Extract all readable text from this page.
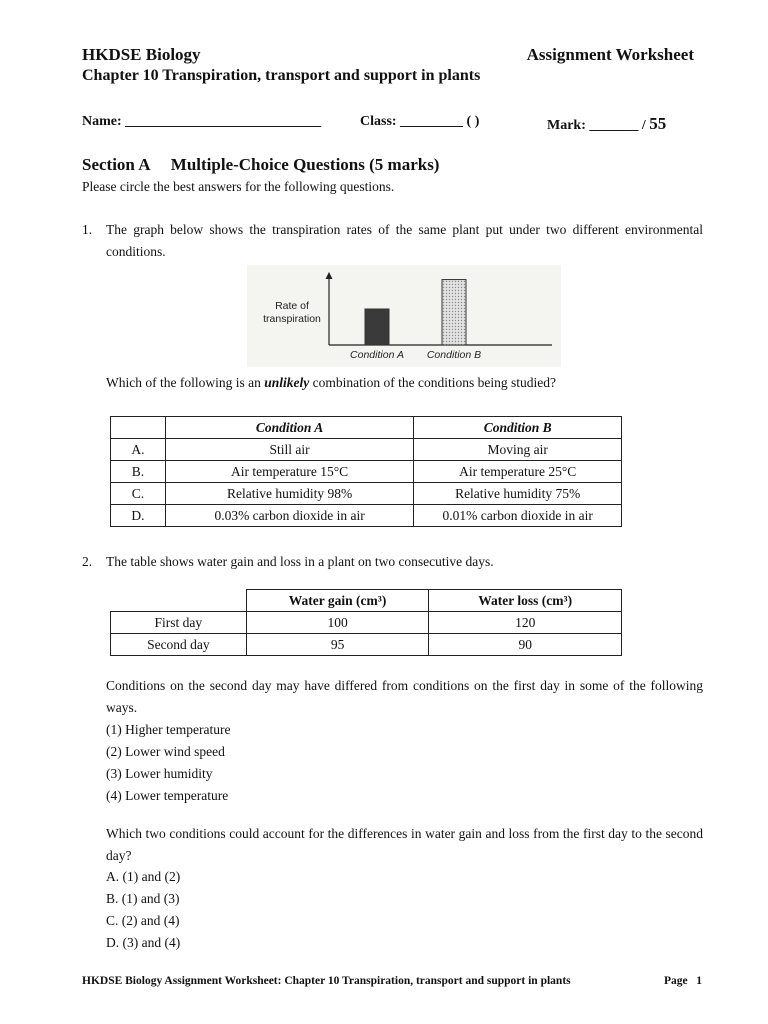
HKDSE Biology	Assignment Worksheet
Chapter 10 Transpiration, transport and support in plants
Name: ____________________________	Class: _________ ( )	Mark: _______ / 55
Section A     Multiple-Choice Questions (5 marks)
Please circle the best answers for the following questions.
1. The graph below shows the transpiration rates of the same plant put under two different environmental conditions.
Rate of
transpiration
Condition A Condition B
Which of the following is an unlikely combination of the conditions being studied?
	Condition A	Condition B
A.	Still air	Moving air
B.	Air temperature 15°C	Air temperature 25°C
C.	Relative humidity 98%	Relative humidity 75%
D.	0.03% carbon dioxide in air	0.01% carbon dioxide in air
2. The table shows water gain and loss in a plant on two consecutive days.
	Water gain (cm³)	Water loss (cm³)
First day	100	120
Second day	95	90
Conditions on the second day may have differed from conditions on the first day in some of the following ways.
(1) Higher temperature
(2) Lower wind speed
(3) Lower humidity
(4) Lower temperature
Which two conditions could account for the differences in water gain and loss from the first day to the second day?
A. (1) and (2)
B. (1) and (3)
C. (2) and (4)
D. (3) and (4)
HKDSE Biology Assignment Worksheet: Chapter 10 Transpiration, transport and support in plants	Page   1
